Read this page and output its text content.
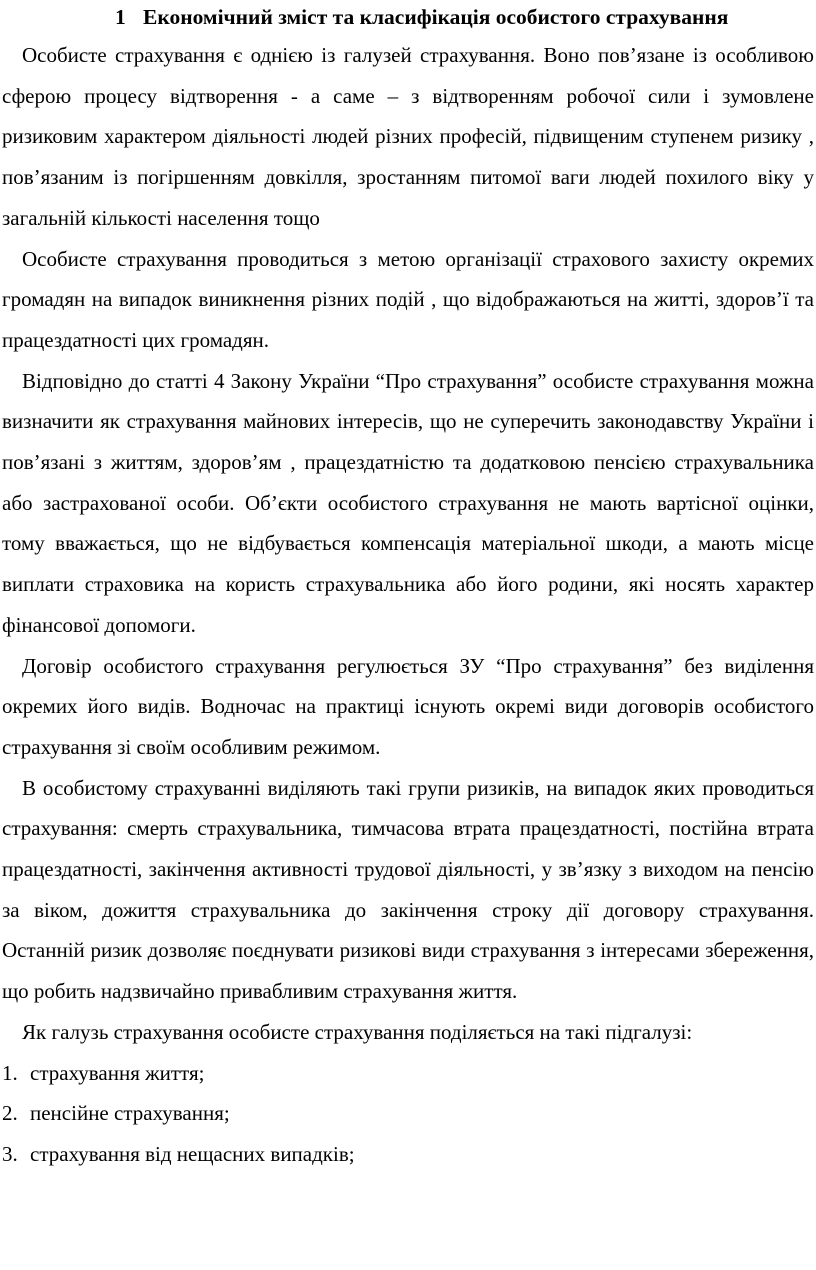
1 Економічний зміст та класифікація особистого страхування

Особисте страхування є однією із галузей страхування. Воно пов’язане із особливою сферою процесу відтворення - а саме – з відтворенням робочої сили і зумовлене ризиковим характером діяльності людей різних професій, підвищеним ступенем ризику , пов’язаним із погіршенням довкілля, зростанням питомої ваги людей похилого віку у загальній кількості населення тощо

Особисте страхування проводиться з метою організації страхового захисту окремих громадян на випадок виникнення різних подій , що відображаються на житті, здоров’ї та працездатності цих громадян.

Відповідно до статті 4 Закону України “Про страхування” особисте страхування можна визначити як страхування майнових інтересів, що не суперечить законодавству України і пов’язані з життям, здоров’ям , працездатністю та додатковою пенсією страхувальника або застрахованої особи. Об’єкти особистого страхування не мають вартісної оцінки, тому вважається, що не відбувається компенсація матеріальної шкоди, а мають місце виплати страховика на користь страхувальника або його родини, які носять характер фінансової допомоги.

Договір особистого страхування регулюється ЗУ “Про страхування” без виділення окремих його видів. Водночас на практиці існують окремі види договорів особистого страхування зі своїм особливим режимом.

В особистому страхуванні виділяють такі групи ризиків, на випадок яких проводиться страхування: смерть страхувальника, тимчасова втрата працездатності, постійна втрата працездатності, закінчення активності трудової діяльності, у зв’язку з виходом на пенсію за віком, дожиття страхувальника до закінчення строку дії договору страхування. Останній ризик дозволяє поєднувати ризикові види страхування з інтересами збереження, що робить надзвичайно привабливим страхування життя.

Як галузь страхування особисте страхування поділяється на такі підгалузі:

1. страхування життя;
2. пенсійне страхування;
3. страхування від нещасних випадків;
